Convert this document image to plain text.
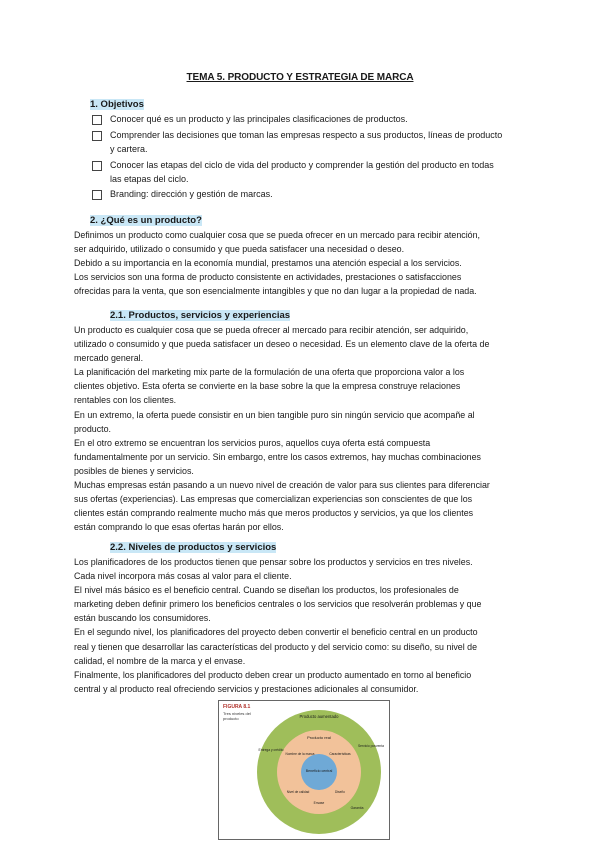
TEMA 5. PRODUCTO Y ESTRATEGIA DE MARCA
1. Objetivos
Conocer qué es un producto y las principales clasificaciones de productos.
Comprender las decisiones que toman las empresas respecto a sus productos, líneas de producto
y cartera.
Conocer las etapas del ciclo de vida del producto y comprender la gestión del producto en todas
las etapas del ciclo.
Branding: dirección y gestión de marcas.
2. ¿Qué es un producto?

Definimos un producto como cualquier cosa que se pueda ofrecer en un mercado para recibir atención,

ser adquirido, utilizado o consumido y que pueda satisfacer una necesidad o deseo.

Debido a su importancia en la economía mundial, prestamos una atención especial a los servicios.

Los servicios son una forma de producto consistente en actividades, prestaciones o satisfacciones

ofrecidas para la venta, que son esencialmente intangibles y que no dan lugar a la propiedad de nada.

2.1. Productos, servicios y experiencias

Un producto es cualquier cosa que se pueda ofrecer al mercado para recibir atención, ser adquirido,

utilizado o consumido y que pueda satisfacer un deseo o necesidad. Es un elemento clave de la oferta de

mercado general.

La planificación del marketing mix parte de la formulación de una oferta que proporciona valor a los

clientes objetivo. Esta oferta se convierte en la base sobre la que la empresa construye relaciones

rentables con los clientes.

En un extremo, la oferta puede consistir en un bien tangible puro sin ningún servicio que acompañe al

producto.

En el otro extremo se encuentran los servicios puros, aquellos cuya oferta está compuesta

fundamentalmente por un servicio. Sin embargo, entre los casos extremos, hay muchas combinaciones

posibles de bienes y servicios.

Muchas empresas están pasando a un nuevo nivel de creación de valor para sus clientes para diferenciar

sus ofertas (experiencias). Las empresas que comercializan experiencias son conscientes de que los

clientes están comprando realmente mucho más que meros productos y servicios, ya que los clientes

están comprando lo que esas ofertas harán por ellos.

2.2. Niveles de productos y servicios

Los planificadores de los productos tienen que pensar sobre los productos y servicios en tres niveles.

Cada nivel incorpora más cosas al valor para el cliente.

El nivel más básico es el beneficio central. Cuando se diseñan los productos, los profesionales de

marketing deben definir primero los beneficios centrales o los servicios que resolverán problemas y que

están buscando los consumidores.

En el segundo nivel, los planificadores del proyecto deben convertir el beneficio central en un producto

real y tienen que desarrollar las características del producto y del servicio como: su diseño, su nivel de

calidad, el nombre de la marca y el envase.

Finalmente, los planificadores del producto deben crear un producto aumentado en torno al beneficio

central y al producto real ofreciendo servicios y prestaciones adicionales al consumidor.

FIGURA 8.1
Tres niveles del producto	Producto aumentado
Producto real
Beneficio central
Entrega y crédito
Servicio posventa
Garantía
Nombre de la marca	Características
Nivel de calidad	Diseño
Envase
